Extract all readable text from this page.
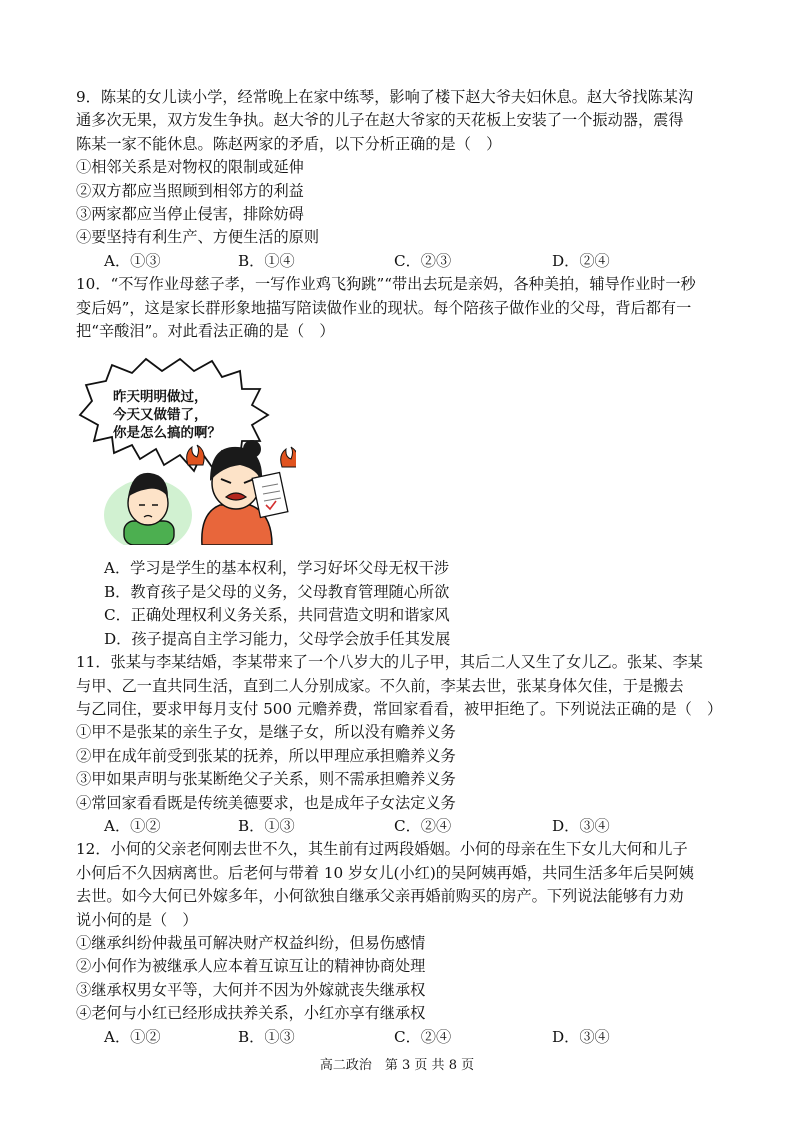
9．陈某的女儿读小学，经常晚上在家中练琴，影响了楼下赵大爷夫妇休息。赵大爷找陈某沟
通多次无果，双方发生争执。赵大爷的儿子在赵大爷家的天花板上安装了一个振动器，震得
陈某一家不能休息。陈赵两家的矛盾，以下分析正确的是（　）
①相邻关系是对物权的限制或延伸
②双方都应当照顾到相邻方的利益
③两家都应当停止侵害，排除妨碍
④要坚持有利生产、方便生活的原则
A．①③	B．①④	C．②③	D．②④
10．“不写作业母慈子孝，一写作业鸡飞狗跳”“带出去玩是亲妈，各种美拍，辅导作业时一秒
变后妈”，这是家长群形象地描写陪读做作业的现状。每个陪孩子做作业的父母，背后都有一
把“辛酸泪”。对此看法正确的是（　）
昨天明明做过，
今天又做错了，
你是怎么搞的啊？
A．学习是学生的基本权利，学习好坏父母无权干涉
B．教育孩子是父母的义务，父母教育管理随心所欲
C．正确处理权利义务关系，共同营造文明和谐家风
D．孩子提高自主学习能力，父母学会放手任其发展
11．张某与李某结婚，李某带来了一个八岁大的儿子甲，其后二人又生了女儿乙。张某、李某
与甲、乙一直共同生活，直到二人分别成家。不久前，李某去世，张某身体欠佳，于是搬去
与乙同住，要求甲每月支付 500 元赡养费，常回家看看，被甲拒绝了。下列说法正确的是（　）
①甲不是张某的亲生子女，是继子女，所以没有赡养义务
②甲在成年前受到张某的抚养，所以甲理应承担赡养义务
③甲如果声明与张某断绝父子关系，则不需承担赡养义务
④常回家看看既是传统美德要求，也是成年子女法定义务
A．①②	B．①③	C．②④	D．③④
12．小何的父亲老何刚去世不久，其生前有过两段婚姻。小何的母亲在生下女儿大何和儿子
小何后不久因病离世。后老何与带着 10 岁女儿(小红)的吴阿姨再婚，共同生活多年后吴阿姨
去世。如今大何已外嫁多年，小何欲独自继承父亲再婚前购买的房产。下列说法能够有力劝
说小何的是（　）
①继承纠纷仲裁虽可解决财产权益纠纷，但易伤感情
②小何作为被继承人应本着互谅互让的精神协商处理
③继承权男女平等，大何并不因为外嫁就丧失继承权
④老何与小红已经形成扶养关系，小红亦享有继承权
A．①②	B．①③	C．②④	D．③④
高二政治　第 3 页 共 8 页
